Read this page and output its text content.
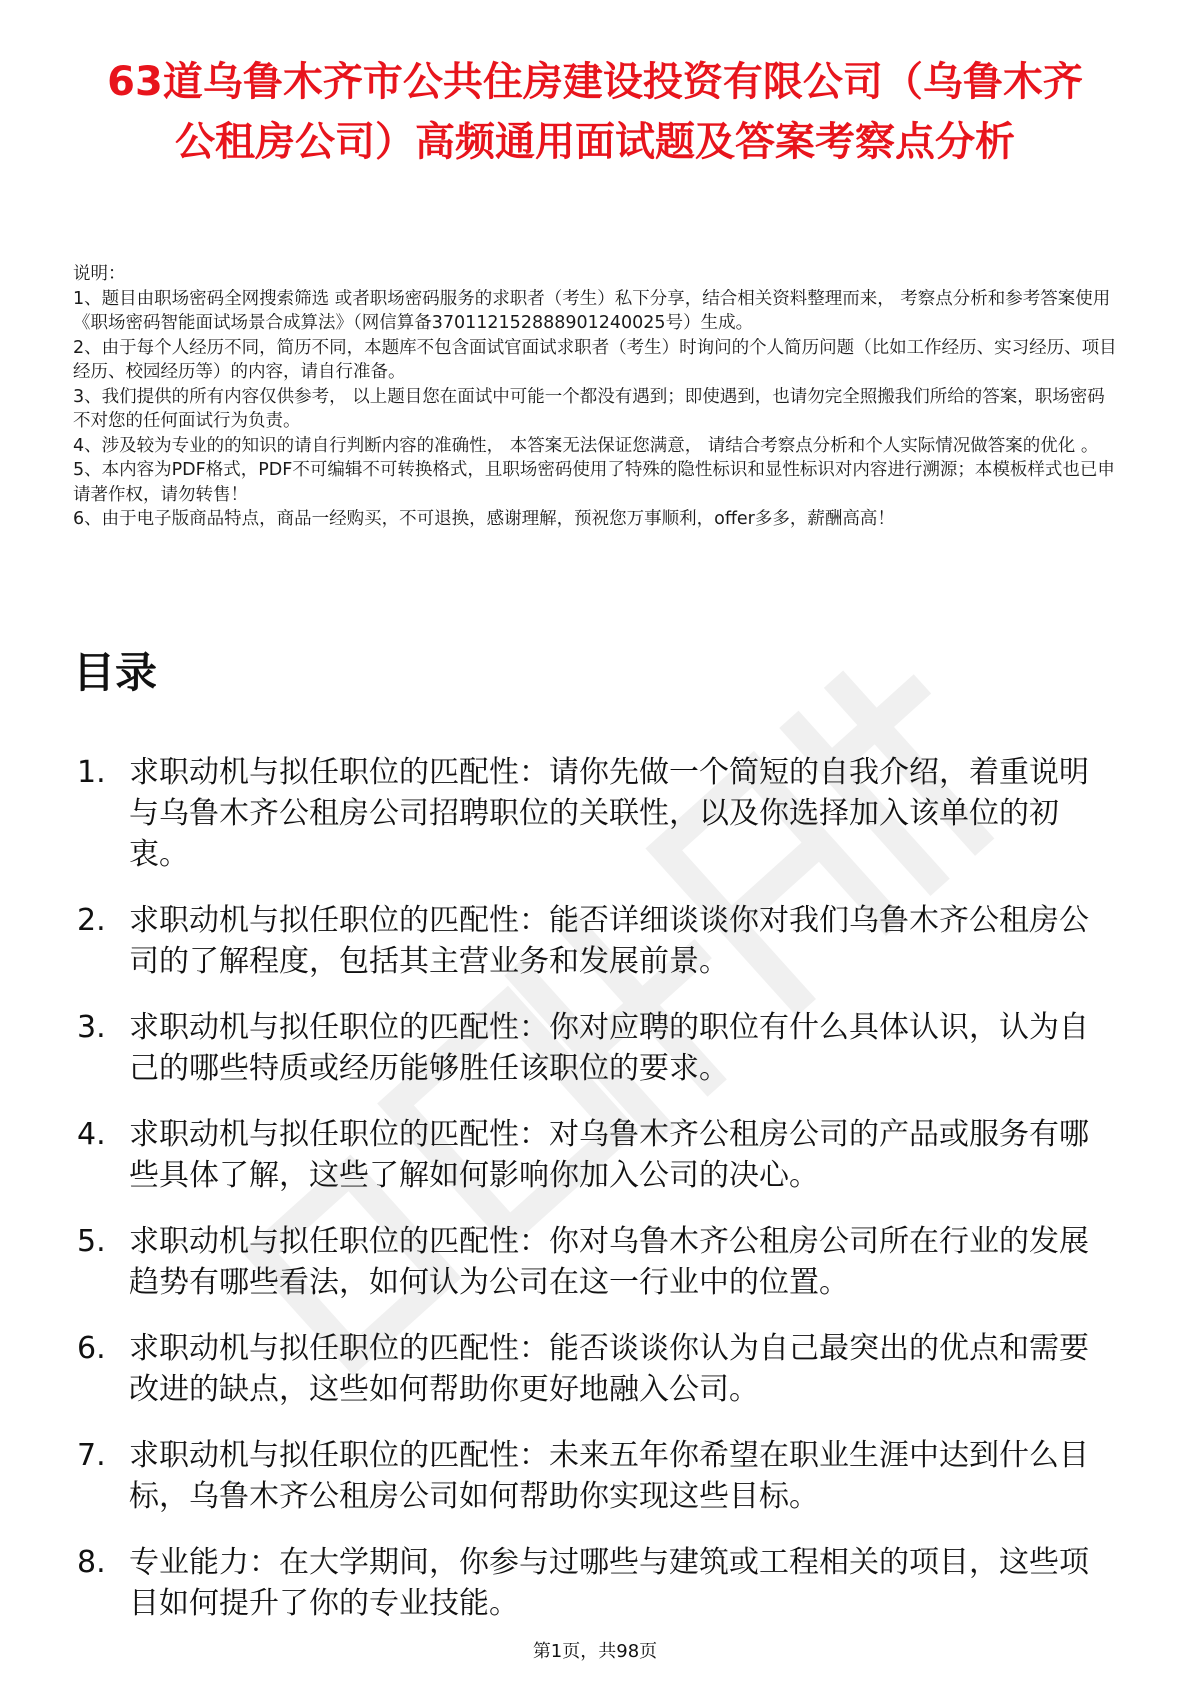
63道乌鲁木齐市公共住房建设投资有限公司（乌鲁木齐公租房公司）高频通用面试题及答案考察点分析

说明：

1、题目由职场密码全网搜索筛选 或者职场密码服务的求职者（考生）私下分享，结合相关资料整理而来， 考察点分析和参考答案使用《职场密码智能面试场景合成算法》（网信算备370112152888901240025号）生成。

2、由于每个人经历不同，简历不同，本题库不包含面试官面试求职者（考生）时询问的个人简历问题（比如工作经历、实习经历、项目经历、校园经历等）的内容，请自行准备。

3、我们提供的所有内容仅供参考， 以上题目您在面试中可能一个都没有遇到；即使遇到，也请勿完全照搬我们所给的答案，职场密码不对您的任何面试行为负责。

4、涉及较为专业的的知识的请自行判断内容的准确性， 本答案无法保证您满意， 请结合考察点分析和个人实际情况做答案的优化 。

5、本内容为PDF格式，PDF不可编辑不可转换格式，且职场密码使用了特殊的隐性标识和显性标识对内容进行溯源；本模板样式也已申请著作权，请勿转售！

6、由于电子版商品特点，商品一经购买，不可退换，感谢理解，预祝您万事顺利，offer多多，薪酬高高！

目录
1. 求职动机与拟任职位的匹配性：请你先做一个简短的自我介绍，着重说明与乌鲁木齐公租房公司招聘职位的关联性，以及你选择加入该单位的初衷。
2. 求职动机与拟任职位的匹配性：能否详细谈谈你对我们乌鲁木齐公租房公司的了解程度，包括其主营业务和发展前景。
3. 求职动机与拟任职位的匹配性：你对应聘的职位有什么具体认识，认为自己的哪些特质或经历能够胜任该职位的要求。
4. 求职动机与拟任职位的匹配性：对乌鲁木齐公租房公司的产品或服务有哪些具体了解，这些了解如何影响你加入公司的决心。
5. 求职动机与拟任职位的匹配性：你对乌鲁木齐公租房公司所在行业的发展趋势有哪些看法，如何认为公司在这一行业中的位置。
6. 求职动机与拟任职位的匹配性：能否谈谈你认为自己最突出的优点和需要改进的缺点，这些如何帮助你更好地融入公司。
7. 求职动机与拟任职位的匹配性：未来五年你希望在职业生涯中达到什么目标，乌鲁木齐公租房公司如何帮助你实现这些目标。
8. 专业能力：在大学期间，你参与过哪些与建筑或工程相关的项目，这些项目如何提升了你的专业技能。
第1页，共98页
